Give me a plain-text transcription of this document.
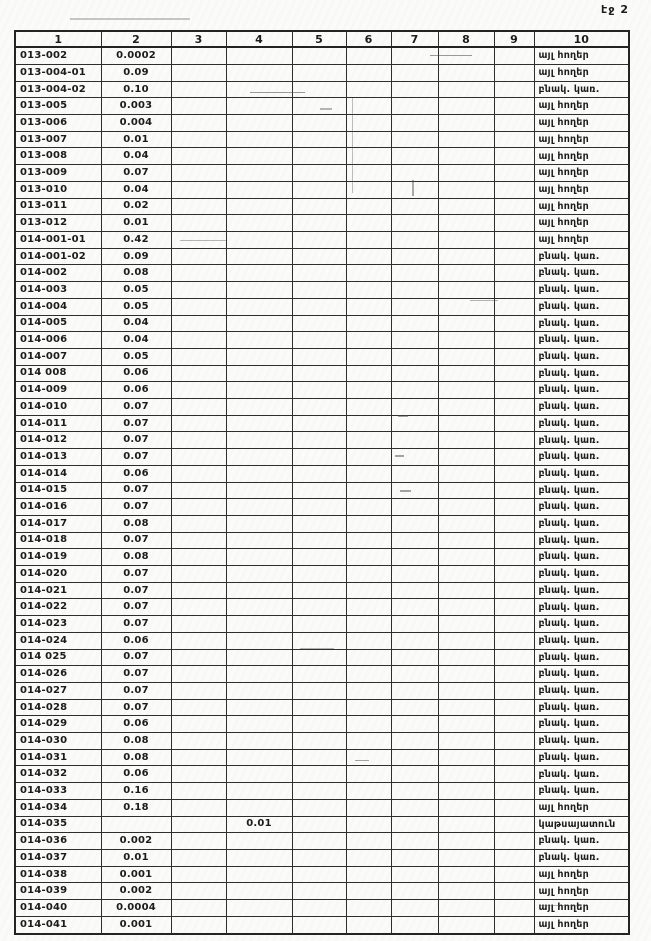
էջ 2
1	2	3	4	5	6	7	8	9	10
013-002	0.0002								այլ հողեր
013-004-01	0.09								այլ հողեր
013-004-02	0.10								բնակ. կառ.
013-005	0.003								այլ հողեր
013-006	0.004								այլ հողեր
013-007	0.01								այլ հողեր
013-008	0.04								այլ հողեր
013-009	0.07								այլ հողեր
013-010	0.04								այլ հողեր
013-011	0.02								այլ հողեր
013-012	0.01								այլ հողեր
014-001-01	0.42								այլ հողեր
014-001-02	0.09								բնակ. կառ.
014-002	0.08								բնակ. կառ.
014-003	0.05								բնակ. կառ.
014-004	0.05								բնակ. կառ.
014-005	0.04								բնակ. կառ.
014-006	0.04								բնակ. կառ.
014-007	0.05								բնակ. կառ.
014 008	0.06								բնակ. կառ.
014-009	0.06								բնակ. կառ.
014-010	0.07								բնակ. կառ.
014-011	0.07								բնակ. կառ.
014-012	0.07								բնակ. կառ.
014-013	0.07								բնակ. կառ.
014-014	0.06								բնակ. կառ.
014-015	0.07								բնակ. կառ.
014-016	0.07								բնակ. կառ.
014-017	0.08								բնակ. կառ.
014-018	0.07								բնակ. կառ.
014-019	0.08								բնակ. կառ.
014-020	0.07								բնակ. կառ.
014-021	0.07								բնակ. կառ.
014-022	0.07								բնակ. կառ.
014-023	0.07								բնակ. կառ.
014-024	0.06								բնակ. կառ.
014 025	0.07								բնակ. կառ.
014-026	0.07								բնակ. կառ.
014-027	0.07								բնակ. կառ.
014-028	0.07								բնակ. կառ.
014-029	0.06								բնակ. կառ.
014-030	0.08								բնակ. կառ.
014-031	0.08								բնակ. կառ.
014-032	0.06								բնակ. կառ.
014-033	0.16								բնակ. կառ.
014-034	0.18								այլ հողեր
014-035			0.01						կաթսայատուն
014-036	0.002								բնակ. կառ.
014-037	0.01								բնակ. կառ.
014-038	0.001								այլ հողեր
014-039	0.002								այլ հողեր
014-040	0.0004								այլ հողեր
014-041	0.001								այլ հողեր
